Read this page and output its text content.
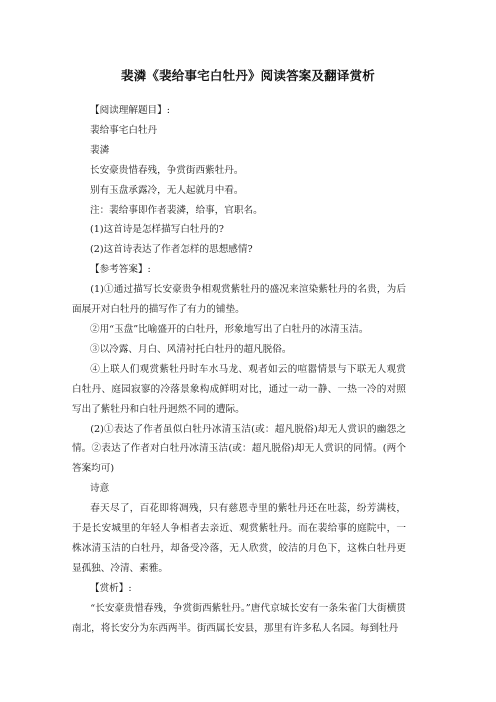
裴潾《裴给事宅白牡丹》阅读答案及翻译赏析

【阅读理解题目】:

裴给事宅白牡丹

裴潾

长安豪贵惜春残，争赏街西紫牡丹。

别有玉盘承露冷，无人起就月中看。

注：裴给事即作者裴潾，给事，官职名。

(1)这首诗是怎样描写白牡丹的?

(2)这首诗表达了作者怎样的思想感情?

【参考答案】:

(1)①通过描写长安豪贵争相观赏紫牡丹的盛况来渲染紫牡丹的名贵，为后面展开对白牡丹的描写作了有力的铺垫。

②用“玉盘”比喻盛开的白牡丹，形象地写出了白牡丹的冰清玉洁。

③以冷露、月白、风清衬托白牡丹的超凡脱俗。

④上联人们观赏紫牡丹时车水马龙、观者如云的喧嚣情景与下联无人观赏白牡丹、庭园寂寥的冷落景象构成鲜明对比，通过一动一静、一热一冷的对照写出了紫牡丹和白牡丹迥然不同的遭际。

(2)①表达了作者虽似白牡丹冰清玉洁(或：超凡脱俗)却无人赏识的幽怨之情。②表达了作者对白牡丹冰清玉洁(或：超凡脱俗)却无人赏识的同情。(两个答案均可)

诗意

春天尽了，百花即将凋残，只有慈恩寺里的紫牡丹还在吐蕊，纷芳满枝，于是长安城里的年轻人争相者去亲近、观赏紫牡丹。而在裴给事的庭院中，一株冰清玉洁的白牡丹，却备受冷落，无人欣赏，皎洁的月色下，这株白牡丹更显孤独、冷清、素雅。

【赏析】:

“长安豪贵惜春残，争赏街西紫牡丹。”唐代京城长安有一条朱雀门大街横贯南北，将长安分为东西两半。街西属长安县，那里有许多私人名园。每到牡丹
